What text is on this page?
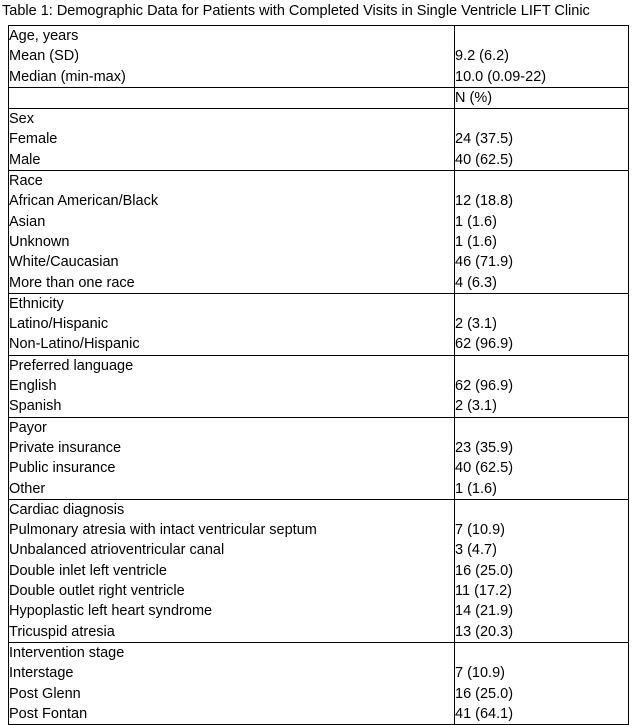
Table 1: Demographic Data for Patients with Completed Visits in Single Ventricle LIFT Clinic
Age, years	
Mean (SD)	9.2 (6.2)
Median (min-max)	10.0 (0.09-22)
	N (%)
Sex	
Female	24 (37.5)
Male	40 (62.5)
Race	
African American/Black	12 (18.8)
Asian	1 (1.6)
Unknown	1 (1.6)
White/Caucasian	46 (71.9)
More than one race	4 (6.3)
Ethnicity	
Latino/Hispanic	2 (3.1)
Non-Latino/Hispanic	62 (96.9)
Preferred language	
English	62 (96.9)
Spanish	2 (3.1)
Payor	
Private insurance	23 (35.9)
Public insurance	40 (62.5)
Other	1 (1.6)
Cardiac diagnosis	
Pulmonary atresia with intact ventricular septum	7 (10.9)
Unbalanced atrioventricular canal	3 (4.7)
Double inlet left ventricle	16 (25.0)
Double outlet right ventricle	11 (17.2)
Hypoplastic left heart syndrome	14 (21.9)
Tricuspid atresia	13 (20.3)
Intervention stage	
Interstage	7 (10.9)
Post Glenn	16 (25.0)
Post Fontan	41 (64.1)
